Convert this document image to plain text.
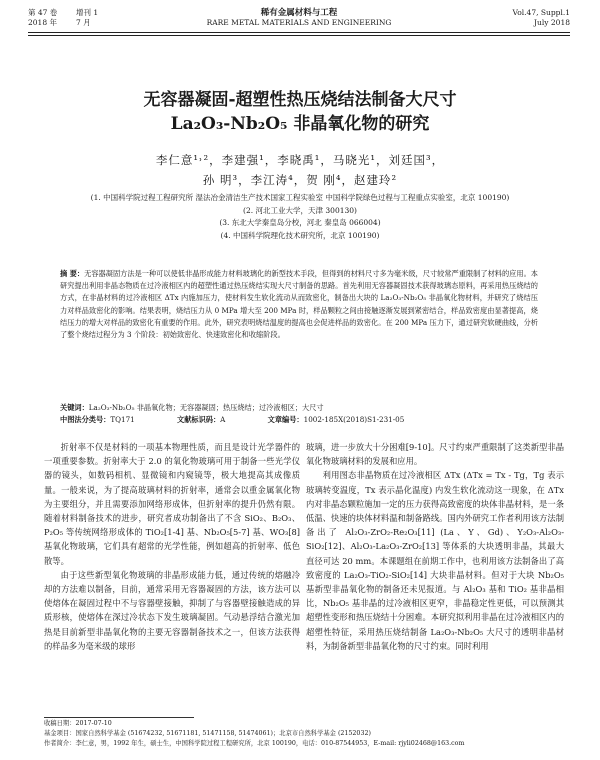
第 47 卷 增刊 1
2018 年	7 月
稀有金属材料与工程
RARE METAL MATERIALS AND ENGINEERING
Vol.47, Suppl.1
July 2018
无容器凝固-超塑性热压烧结法制备大尺寸
La₂O₃-Nb₂O₅ 非晶氧化物的研究
李仁意¹˒²，李建强¹，李晓禹¹，马晓光¹，刘廷国³，
孙 明³，李江涛⁴，贺 刚⁴，赵建玲²
(1. 中国科学院过程工程研究所 湿法冶金清洁生产技术国家工程实验室 中国科学院绿色过程与工程重点实验室，北京 100190)
(2. 河北工业大学，天津 300130)
(3. 东北大学秦皇岛分校，河北 秦皇岛 066004)
(4. 中国科学院理化技术研究所，北京 100190)
摘 要：无容器凝固方法是一种可以使低非晶形成能力材料玻璃化的新型技术手段，但得到的材料尺寸多为毫米级，尺寸较常严重限制了材料的应用。本研究提出利用非晶态物质在过冷液相区内的超塑性通过热压烧结实现大尺寸制备的思路。首先利用无容器凝固技术获得玻璃态原料，再采用热压烧结的方式，在非晶材料的过冷液相区 ΔTx 内施加压力，使材料发生软化流动从而致密化，制备出大块的 La₂O₃-Nb₂O₅ 非晶氧化物材料，并研究了烧结压力对样品致密化的影响。结果表明，烧结压力从 0 MPa 增大至 200 MPa 时，样品颗粒之间由接触逐渐发展到紧密结合，样品致密度由显著提高，烧结压力的增大对样品的致密化有重要的作用。此外，研究表明烧结温度的提高也会促进样品的致密化。在 200 MPa 压力下，通过研究软硬曲线，分析了整个烧结过程分为 3 个阶段：初始致密化、快速致密化和收缩阶段。
关键词：La₂O₃-Nb₂O₅ 非晶氧化物；无容器凝固；热压烧结；过冷液相区；大尺寸
中图法分类号：TQ171	文献标识码：A	文章编号：1002-185X(2018)S1-231-05

折射率不仅是材料的一项基本物理性质，而且是设计光学器件的一项重要参数。折射率大于 2.0 的氧化物玻璃可用于制备一些光学仪器的镜头，如数码相机、显微镜和内窥镜等，极大地提高其成像质量。一般来说，为了提高玻璃材料的折射率，通常会以重金属氧化物为主要组分，并且需要添加网络形成体，但折射率的提升仍然有限。随着材料制备技术的进步，研究者成功制备出了不含 SiO₂、B₂O₃、P₂O₅ 等传统网络形成体的 TiO₂[1-4] 基、Nb₂O₅[5-7] 基、WO₃[8] 基氧化物玻璃，它们具有超常的光学性能，例如超高的折射率、低色散等。

由于这些新型氧化物玻璃的非晶形成能力低，通过传统的熔融冷却的方法难以制备，目前，通常采用无容器凝固的方法，该方法可以使熔体在凝固过程中不与容器壁接触，抑制了与容器壁接触造成的异质形核，使熔体在深过冷状态下发生玻璃凝固。气动悬浮结合激光加热是目前新型非晶氧化物的主要无容器制备技术之一，但该方法获得的样品多为毫米级的球形

玻璃，进一步放大十分困难[9-10]。尺寸约束严重限制了这类新型非晶氧化物玻璃材料的发展和应用。

利用图态非晶物质在过冷液相区 ΔTx (ΔTx = Tx - Tg，Tg 表示玻璃转变温度，Tx 表示晶化温度) 内发生软化流动这一现象，在 ΔTx 内对非晶态颗粒施加一定的压力获得高致密度的块体非晶材料，是一条低温、快速的块体材料温和制备路线。国内外研究工作者利用该方法制备出了 Al₂O₃-ZrO₂-Re₂O₃[11] (La、Y、Gd)、Y₂O₃-Al₂O₃-SiO₂[12]、Al₂O₃-La₂O₃-ZrO₂[13] 等体系的大块透明非晶，其最大直径可达 20 mm。本课题组在前期工作中，也利用该方法制备出了高致密度的 La₂O₃-TiO₂-SiO₂[14] 大块非晶材料。但对于大块 Nb₂O₅ 基新型非晶氧化物的制备还未见报道。与 Al₂O₃ 基和 TiO₂ 基非晶相比，Nb₂O₅ 基非晶的过冷液相区更窄，非晶稳定性更低，可以预测其超塑性变形和热压烧结十分困难。本研究拟利用非晶在过冷液相区内的超塑性特征，采用热压烧结制备 La₂O₃-Nb₂O₅ 大尺寸的透明非晶材料，为制备新型非晶氧化物的尺寸约束。同时利用

收稿日期：2017-07-10
基金项目：国家自然科学基金 (51674232, 51671181, 51471158, 51474061)；北京市自然科学基金 (2152032)
作者简介：李仁意，男，1992 年生，硕士生，中国科学院过程工程研究所，北京 100190，电话：010-87544953，E-mail: rjyli02468@163.com
